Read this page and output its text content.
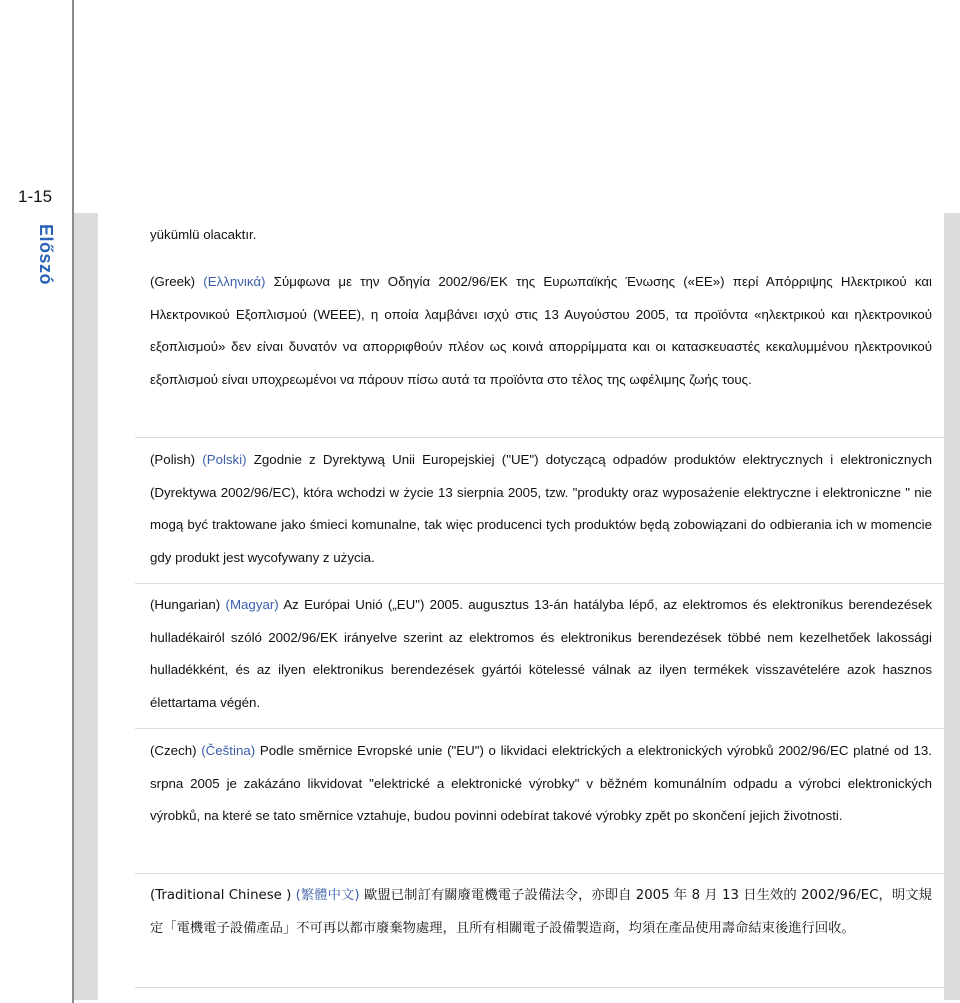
1-15
Előszó	yükümlü olacaktır.
(Greek) (Ελληνικά) Σύμφωνα με την Οδηγία 2002/96/ΕΚ της Ευρωπαϊκής Ένωσης («ΕΕ») περί Απόρριψης Ηλεκτρικού και Ηλεκτρονικού Εξοπλισμού (WEEE), η οποία λαμβάνει ισχύ στις 13 Αυγούστου 2005, τα προϊόντα «ηλεκτρικού και ηλεκτρονικού εξοπλισμού» δεν είναι δυνατόν να απορριφθούν πλέον ως κοινά απορρίμματα και οι κατασκευαστές κεκαλυμμένου ηλεκτρονικού εξοπλισμού είναι υποχρεωμένοι να πάρουν πίσω αυτά τα προϊόντα στο τέλος της ωφέλιμης ζωής τους.
(Polish) (Polski) Zgodnie z Dyrektywą Unii Europejskiej ("UE") dotyczącą odpadów produktów elektrycznych i elektronicznych (Dyrektywa 2002/96/EC), która wchodzi w życie 13 sierpnia 2005, tzw. "produkty oraz wyposażenie elektryczne i elektroniczne " nie mogą być traktowane jako śmieci komunalne, tak więc producenci tych produktów będą zobowiązani do odbierania ich w momencie gdy produkt jest wycofywany z użycia.
(Hungarian) (Magyar) Az Európai Unió („EU") 2005. augusztus 13-án hatályba lépő, az elektromos és elektronikus berendezések hulladékairól szóló 2002/96/EK irányelve szerint az elektromos és elektronikus berendezések többé nem kezelhetőek lakossági hulladékként, és az ilyen elektronikus berendezések gyártói kötelessé válnak az ilyen termékek visszavételére azok hasznos élettartama végén.
(Czech) (Čeština) Podle směrnice Evropské unie ("EU") o likvidaci elektrických a elektronických výrobků 2002/96/EC platné od 13. srpna 2005 je zakázáno likvidovat "elektrické a elektronické výrobky" v běžném komunálním odpadu a výrobci elektronických výrobků, na které se tato směrnice vztahuje, budou povinni odebírat takové výrobky zpět po skončení jejich životnosti.
(Traditional Chinese ) (繁體中文) 歐盟已制訂有關廢電機電子設備法令，亦即自 2005 年 8 月 13 日生效的 2002/96/EC，明文規定「電機電子設備產品」不可再以都市廢棄物處理，且所有相關電子設備製造商，均須在產品使用壽命結束後進行回收。
